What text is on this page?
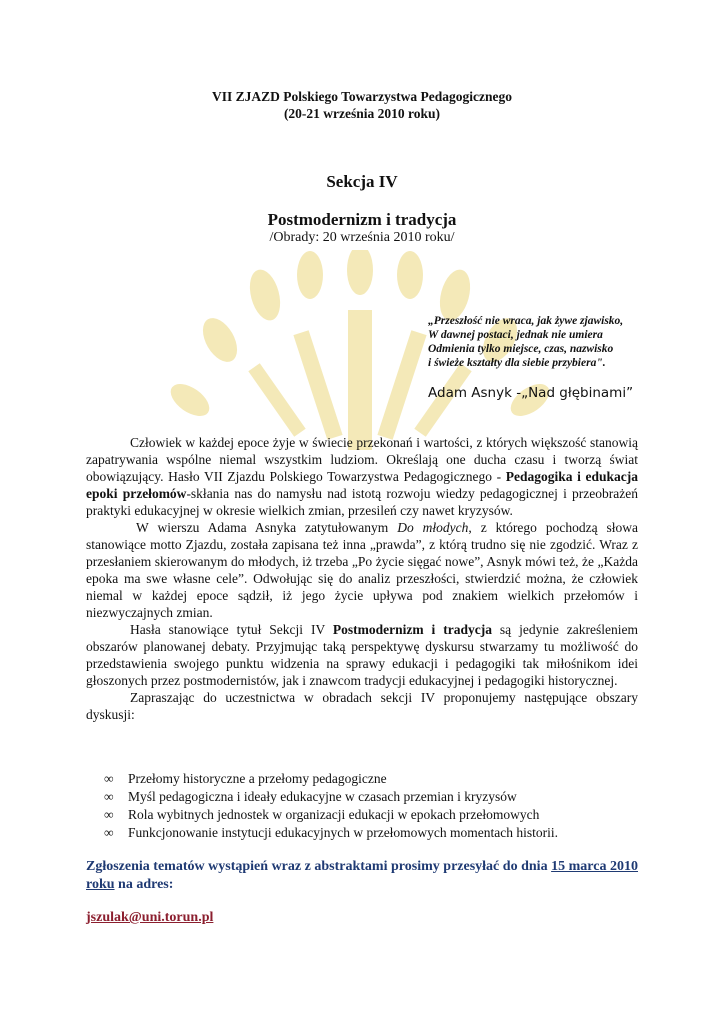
VII ZJAZD Polskiego Towarzystwa Pedagogicznego
(20-21 września 2010 roku)
Sekcja IV
Postmodernizm i tradycja
/Obrady: 20 września 2010 roku/
„Przeszłość nie wraca, jak żywe zjawisko,
W dawnej postaci, jednak nie umiera
Odmienia tylko miejsce, czas, nazwisko
i świeże kształty dla siebie przybiera".
Adam Asnyk -„Nad głębinami”

Człowiek w każdej epoce żyje w świecie przekonań i wartości, z których większość stanowią zapatrywania wspólne niemal wszystkim ludziom. Określają one ducha czasu i tworzą świat obowiązujący. Hasło VII Zjazdu Polskiego Towarzystwa Pedagogicznego - Pedagogika i edukacja epoki przełomów-skłania nas do namysłu nad istotą rozwoju wiedzy pedagogicznej i przeobrażeń praktyki edukacyjnej w okresie wielkich zmian, przesileń czy nawet kryzysów.

W wierszu Adama Asnyka zatytułowanym Do młodych, z którego pochodzą słowa stanowiące motto Zjazdu, została zapisana też inna „prawda”, z którą trudno się nie zgodzić. Wraz z przesłaniem skierowanym do młodych, iż trzeba „Po życie sięgać nowe”, Asnyk mówi też, że „Każda epoka ma swe własne cele”. Odwołując się do analiz przeszłości, stwierdzić można, że człowiek niemal w każdej epoce sądził, iż jego życie upływa pod znakiem wielkich przełomów i niezwyczajnych zmian.

Hasła stanowiące tytuł Sekcji IV Postmodernizm i tradycja są jedynie zakreśleniem obszarów planowanej debaty. Przyjmując taką perspektywę dyskursu stwarzamy tu możliwość do przedstawienia swojego punktu widzenia na sprawy edukacji i pedagogiki tak miłośnikom idei głoszonych przez postmodernistów, jak i znawcom tradycji edukacyjnej i pedagogiki historycznej.

Zapraszając do uczestnictwa w obradach sekcji IV proponujemy następujące obszary dyskusji:

∞	Przełomy historyczne a przełomy pedagogiczne
∞	Myśl pedagogiczna i ideały edukacyjne w czasach przemian i kryzysów
∞	Rola wybitnych jednostek w organizacji edukacji w epokach przełomowych
∞	Funkcjonowanie instytucji edukacyjnych w przełomowych momentach historii.
Zgłoszenia tematów wystąpień wraz z abstraktami prosimy przesyłać do dnia 15 marca 2010 roku na adres:
jszulak@uni.torun.pl
